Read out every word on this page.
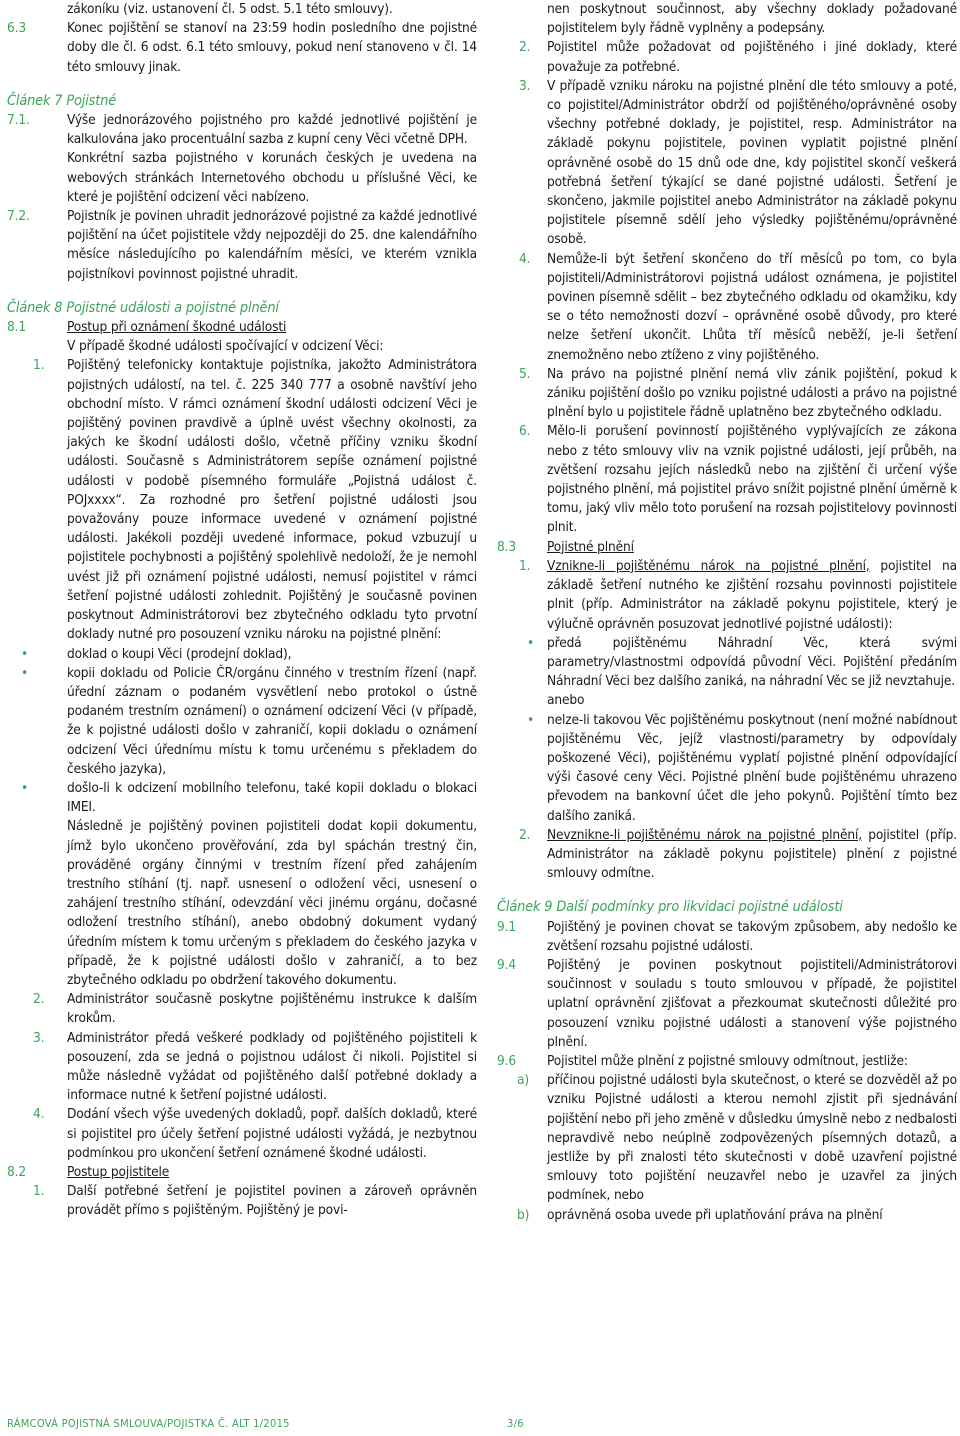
zákoníku (viz. ustanovení čl. 5 odst. 5.1 této smlouvy).
6.3	Konec pojištění se stanoví na 23:59 hodin posledního dne pojistné doby dle čl. 6 odst. 6.1 této smlouvy, pokud není stanoveno v čl. 14 této smlouvy jinak.
Článek 7 Pojistné
7.1.	Výše jednorázového pojistného pro každé jednotlivé pojištění je kalkulována jako procentuální sazba z kupní ceny Věci včetně DPH.
Konkrétní sazba pojistného v korunách českých je uvedena na webových stránkách Internetového obchodu u příslušné Věci, ke které je pojištění odcizení věci nabízeno.
7.2.	Pojistník je povinen uhradit jednorázové pojistné za každé jednotlivé pojištění na účet pojistitele vždy nejpozději do 25. dne kalendářního měsíce následujícího po kalendářním měsíci, ve kterém vznikla pojistníkovi povinnost pojistné uhradit.
Článek 8 Pojistné události a pojistné plnění
8.1	Postup při oznámení škodné události
V případě škodné události spočívající v odcizení Věci:
1.	Pojištěný telefonicky kontaktuje pojistníka, jakožto Administrátora pojistných událostí, na tel. č. 225 340 777 a osobně navštíví jeho obchodní místo. V rámci oznámení škodní události odcizení Věci je pojištěný povinen pravdivě a úplně uvést všechny okolnosti, za jakých ke škodní události došlo, včetně příčiny vzniku škodní události. Současně s Administrátorem sepíše oznámení pojistné události v podobě písemného formuláře „Pojistná událost č. POJxxxx“. Za rozhodné pro šetření pojistné události jsou považovány pouze informace uvedené v oznámení pojistné události. Jakékoli později uvedené informace, pokud vzbuzují u pojistitele pochybnosti a pojištěný spolehlivě nedoloží, že je nemohl uvést již při oznámení pojistné události, nemusí pojistitel v rámci šetření pojistné události zohlednit. Pojištěný je současně povinen poskytnout Administrátorovi bez zbytečného odkladu tyto prvotní doklady nutné pro posouzení vzniku nároku na pojistné plnění:
•	doklad o koupi Věci (prodejní doklad),
•	kopii dokladu od Policie ČR/orgánu činného v trestním řízení (např. úřední záznam o podaném vysvětlení nebo protokol o ústně podaném trestním oznámení) o oznámení odcizení Věci (v případě, že k pojistné události došlo v zahraničí, kopii dokladu o oznámení odcizení Věci úřednímu místu k tomu určenému s překladem do českého jazyka),
•	došlo-li k odcizení mobilního telefonu, také kopii dokladu o blokaci IMEI.
Následně je pojištěný povinen pojistiteli dodat kopii dokumentu, jímž bylo ukončeno prověřování, zda byl spáchán trestný čin, prováděné orgány činnými v trestním řízení před zahájením trestního stíhání (tj. např. usnesení o odložení věci, usnesení o zahájení trestního stíhání, odevzdání věci jinému orgánu, dočasné odložení trestního stíhání), anebo obdobný dokument vydaný úředním místem k tomu určeným s překladem do českého jazyka v případě, že k pojistné události došlo v zahraničí, a to bez zbytečného odkladu po obdržení takového dokumentu.
2.	Administrátor současně poskytne pojištěnému instrukce k dalším krokům.
3.	Administrátor předá veškeré podklady od pojištěného pojistiteli k posouzení, zda se jedná o pojistnou událost či nikoli. Pojistitel si může následně vyžádat od pojištěného další potřebné doklady a informace nutné k šetření pojistné události.
4.	Dodání všech výše uvedených dokladů, popř. dalších dokladů, které si pojistitel pro účely šetření pojistné události vyžádá, je nezbytnou podmínkou pro ukončení šetření oznámené škodné události.
8.2	Postup pojistitele
1.	Další potřebné šetření je pojistitel povinen a zároveň oprávněn provádět přímo s pojištěným. Pojištěný je povi-
nen poskytnout součinnost, aby všechny doklady požadované pojistitelem byly řádně vyplněny a podepsány.
2.	Pojistitel může požadovat od pojištěného i jiné doklady, které považuje za potřebné.
3.	V případě vzniku nároku na pojistné plnění dle této smlouvy a poté, co pojistitel/Administrátor obdrží od pojištěného/oprávněné osoby všechny potřebné doklady, je pojistitel, resp. Administrátor na základě pokynu pojistitele, povinen vyplatit pojistné plnění oprávněné osobě do 15 dnů ode dne, kdy pojistitel skončí veškerá potřebná šetření týkající se dané pojistné události. Šetření je skončeno, jakmile pojistitel anebo Administrátor na základě pokynu pojistitele písemně sdělí jeho výsledky pojištěnému/oprávněné osobě.
4.	Nemůže-li být šetření skončeno do tří měsíců po tom, co byla pojistiteli/Administrátorovi pojistná událost oznámena, je pojistitel povinen písemně sdělit – bez zbytečného odkladu od okamžiku, kdy se o této nemožnosti dozví – oprávněné osobě důvody, pro které nelze šetření ukončit. Lhůta tří měsíců neběží, je-li šetření znemožněno nebo ztíženo z viny pojištěného.
5.	Na právo na pojistné plnění nemá vliv zánik pojištění, pokud k zániku pojištění došlo po vzniku pojistné události a právo na pojistné plnění bylo u pojistitele řádně uplatněno bez zbytečného odkladu.
6.	Mělo-li porušení povinností pojištěného vyplývajících ze zákona nebo z této smlouvy vliv na vznik pojistné události, její průběh, na zvětšení rozsahu jejích následků nebo na zjištění či určení výše pojistného plnění, má pojistitel právo snížit pojistné plnění úměrně k tomu, jaký vliv mělo toto porušení na rozsah pojistitelovy povinnosti plnit.
8.3	Pojistné plnění
1.	Vznikne-li pojištěnému nárok na pojistné plnění, pojistitel na základě šetření nutného ke zjištění rozsahu povinnosti pojistitele plnit (příp. Administrátor na základě pokynu pojistitele, který je výlučně oprávněn posuzovat jednotlivé pojistné události):
• předá pojištěnému Náhradní Věc, která svými parametry/vlastnostmi odpovídá původní Věci. Pojištění předáním Náhradní Věci bez dalšího zaniká, na náhradní Věc se již nevztahuje.
anebo
• nelze-li takovou Věc pojištěnému poskytnout (není možné nabídnout pojištěnému Věc, jejíž vlastnosti/parametry by odpovídaly poškozené Věci), pojištěnému vyplatí pojistné plnění odpovídající výši časové ceny Věci. Pojistné plnění bude pojištěnému uhrazeno převodem na bankovní účet dle jeho pokynů. Pojištění tímto bez dalšího zaniká.
2.	Nevznikne-li pojištěnému nárok na pojistné plnění, pojistitel (příp. Administrátor na základě pokynu pojistitele) plnění z pojistné smlouvy odmítne.
Článek 9 Další podmínky pro likvidaci pojistné události
9.1	Pojištěný je povinen chovat se takovým způsobem, aby nedošlo ke zvětšení rozsahu pojistné události.
9.4	Pojištěný je povinen poskytnout pojistiteli/Administrátorovi součinnost v souladu s touto smlouvou v případě, že pojistitel uplatní oprávnění zjišťovat a přezkoumat skutečnosti důležité pro posouzení vzniku pojistné události a stanovení výše pojistného plnění.
9.6	Pojistitel může plnění z pojistné smlouvy odmítnout, jestliže:
a)	příčinou pojistné události byla skutečnost, o které se dozvěděl až po vzniku Pojistné události a kterou nemohl zjistit při sjednávání pojištění nebo při jeho změně v důsledku úmyslně nebo z nedbalosti nepravdivě nebo neúplně zodpovězených písemných dotazů, a jestliže by při znalosti této skutečnosti v době uzavření pojistné smlouvy toto pojištění neuzavřel nebo je uzavřel za jiných podmínek, nebo
b)	oprávněná osoba uvede při uplatňování práva na plnění
RÁMCOVÁ POJISTNÁ SMLOUVA/POJISTKA Č. ALT 1/2015	3/6
